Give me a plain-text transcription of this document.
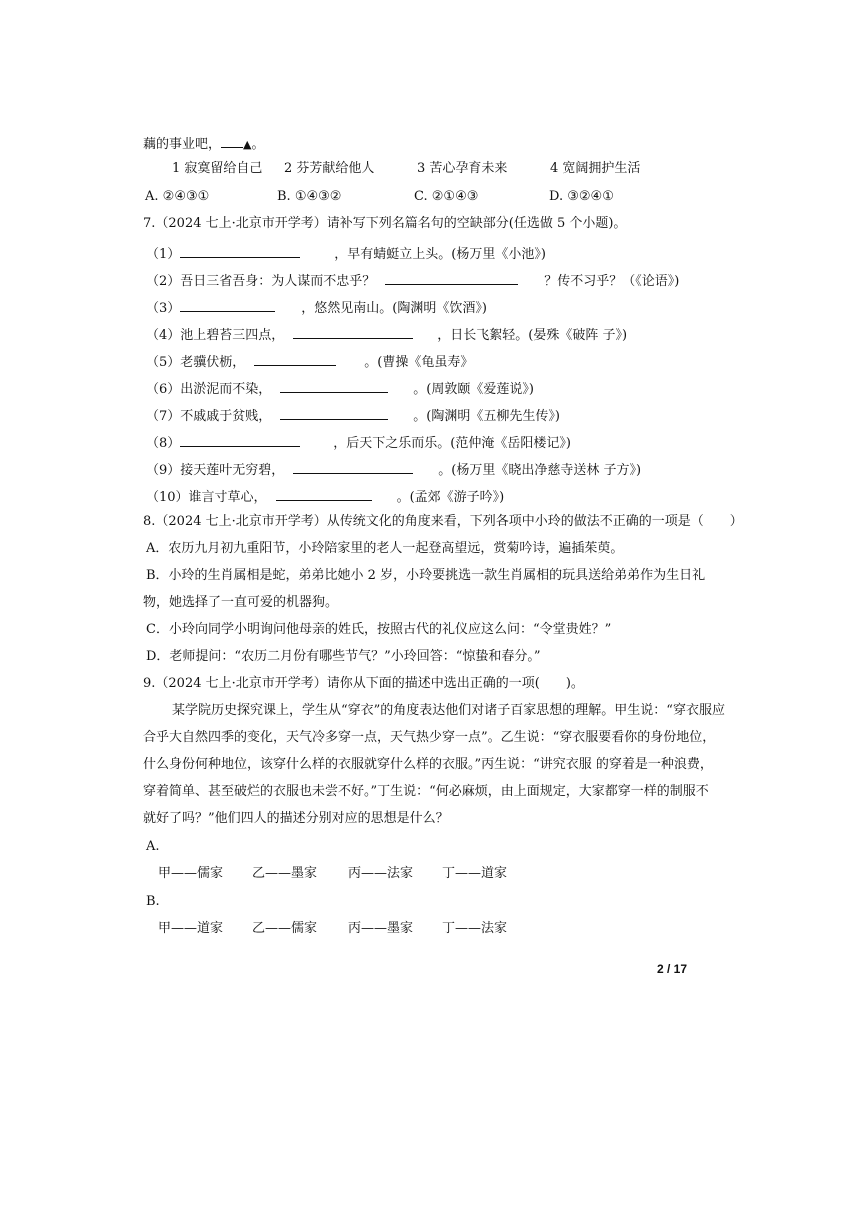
藕的事业吧， ▲。
1 寂寞留给自己 2 芬芳献给他人	3 苦心孕育未来	4 宽阔拥护生活
A. ②④③①	B. ①④③②	C. ②①④③	D. ③②④①
7.（2024 七上·北京市开学考）请补写下列名篇名句的空缺部分(任选做 5 个小题)。
（1）	，早有蜻蜓立上头。(杨万里《小池》)
（2）吾日三省吾身：为人谋而不忠乎？	？传不习乎？（《论语》)
（3）	，悠然见南山。(陶渊明《饮酒》)
（4）池上碧苔三四点，	，日长飞絮轻。(晏殊《破阵 子》)
（5）老骥伏枥，	。(曹操《龟虽寿》
（6）出淤泥而不染，	。(周敦颐《爱莲说》)
（7）不戚戚于贫贱，	。(陶渊明《五柳先生传》)
（8）	，后天下之乐而乐。(范仲淹《岳阳楼记》)
（9）接天莲叶无穷碧，	。(杨万里《晓出净慈寺送林 子方》)
（10）谁言寸草心，	。(孟郊《游子吟》)
8.（2024 七上·北京市开学考）从传统文化的角度来看，下列各项中小玲的做法不正确的一项是（　　）
A．农历九月初九重阳节，小玲陪家里的老人一起登高望远，赏菊吟诗，遍插茱萸。
B．小玲的生肖属相是蛇，弟弟比她小 2 岁，小玲要挑选一款生肖属相的玩具送给弟弟作为生日礼
物，她选择了一直可爱的机器狗。
C．小玲向同学小明询问他母亲的姓氏，按照古代的礼仪应这么问：“令堂贵姓？”
D．老师提问：“农历二月份有哪些节气？”小玲回答：“惊蛰和春分。”
9.（2024 七上·北京市开学考）请你从下面的描述中选出正确的一项(　　)。
某学院历史探究课上，学生从“穿衣”的角度表达他们对诸子百家思想的理解。甲生说：“穿衣服应
合乎大自然四季的变化，天气冷多穿一点，天气热少穿一点”。乙生说：“穿衣服要看你的身份地位，
什么身份何种地位，该穿什么样的衣服就穿什么样的衣服。”丙生说：“讲究衣服 的穿着是一种浪费，
穿着简单、甚至破烂的衣服也未尝不好。”丁生说：“何必麻烦，由上面规定，大家都穿一样的制服不
就好了吗？”他们四人的描述分别对应的思想是什么？
A.
甲——儒家 乙——墨家 丙——法家 丁——道家
B.
甲——道家 乙——儒家 丙——墨家 丁——法家
2 / 17
